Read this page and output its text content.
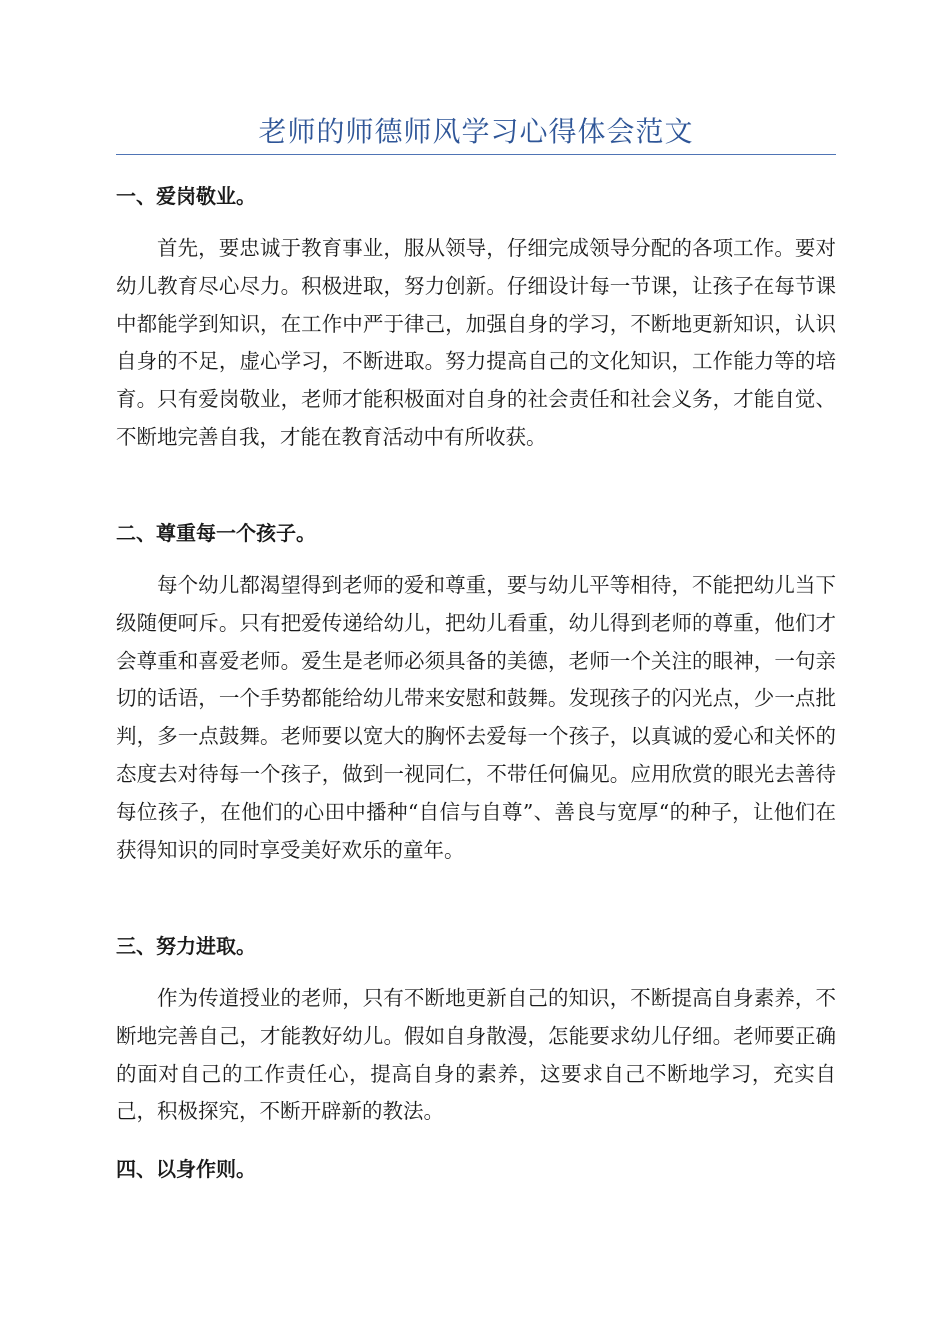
老师的师德师风学习心得体会范文
一、爱岗敬业。

首先，要忠诚于教育事业，服从领导，仔细完成领导分配的各项工作。要对幼儿教育尽心尽力。积极进取，努力创新。仔细设计每一节课，让孩子在每节课中都能学到知识，在工作中严于律己，加强自身的学习，不断地更新知识，认识自身的不足，虚心学习，不断进取。努力提高自己的文化知识，工作能力等的培育。只有爱岗敬业，老师才能积极面对自身的社会责任和社会义务，才能自觉、不断地完善自我，才能在教育活动中有所收获。

二、尊重每一个孩子。

每个幼儿都渴望得到老师的爱和尊重，要与幼儿平等相待，不能把幼儿当下级随便呵斥。只有把爱传递给幼儿，把幼儿看重，幼儿得到老师的尊重，他们才会尊重和喜爱老师。爱生是老师必须具备的美德，老师一个关注的眼神，一句亲切的话语，一个手势都能给幼儿带来安慰和鼓舞。发现孩子的闪光点，少一点批判，多一点鼓舞。老师要以宽大的胸怀去爱每一个孩子，以真诚的爱心和关怀的态度去对待每一个孩子，做到一视同仁，不带任何偏见。应用欣赏的眼光去善待每位孩子，在他们的心田中播种“自信与自尊”、善良与宽厚“的种子，让他们在获得知识的同时享受美好欢乐的童年。

三、努力进取。

作为传道授业的老师，只有不断地更新自己的知识，不断提高自身素养，不断地完善自己，才能教好幼儿。假如自身散漫，怎能要求幼儿仔细。老师要正确的面对自己的工作责任心，提高自身的素养，这要求自己不断地学习，充实自己，积极探究，不断开辟新的教法。

四、以身作则。
